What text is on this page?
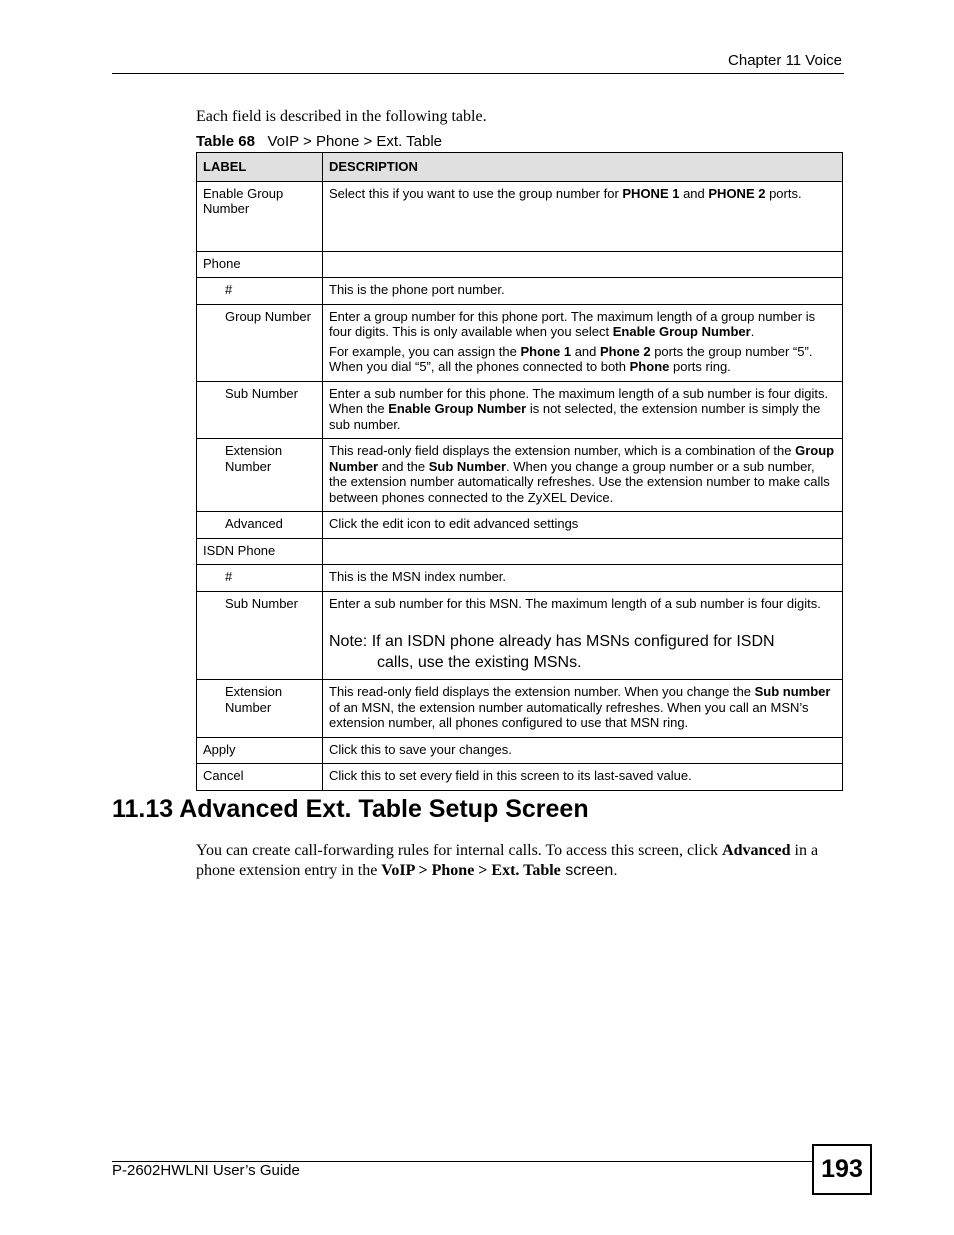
Chapter 11 Voice
Each field is described in the following table.
Table 68 VoIP > Phone > Ext. Table
LABEL	DESCRIPTION
Enable Group Number	Select this if you want to use the group number for PHONE 1 and PHONE 2 ports.
Phone	
#	This is the phone port number.
Group Number	Enter a group number for this phone port. The maximum length of a group number is four digits. This is only available when you select Enable Group Number.

For example, you can assign the Phone 1 and Phone 2 ports the group number “5”. When you dial “5”, all the phones connected to both Phone ports ring.

Sub Number	Enter a sub number for this phone. The maximum length of a sub number is four digits. When the Enable Group Number is not selected, the extension number is simply the sub number.
Extension Number	This read-only field displays the extension number, which is a combination of the Group Number and the Sub Number. When you change a group number or a sub number, the extension number automatically refreshes. Use the extension number to make calls between phones connected to the ZyXEL Device.
Advanced	Click the edit icon to edit advanced settings
ISDN Phone	
#	This is the MSN index number.
Sub Number	Enter a sub number for this MSN. The maximum length of a sub number is four digits.

Note: If an ISDN phone already has MSNs configured for ISDN
calls, use the existing MSNs.

Extension Number	This read-only field displays the extension number. When you change the Sub number of an MSN, the extension number automatically refreshes. When you call an MSN’s extension number, all phones configured to use that MSN ring.
Apply	Click this to save your changes.
Cancel	Click this to set every field in this screen to its last-saved value.
11.13 Advanced Ext. Table Setup Screen
You can create call-forwarding rules for internal calls. To access this screen, click Advanced in a phone extension entry in the VoIP > Phone > Ext. Table screen.
P-2602HWLNI User’s Guide	193
